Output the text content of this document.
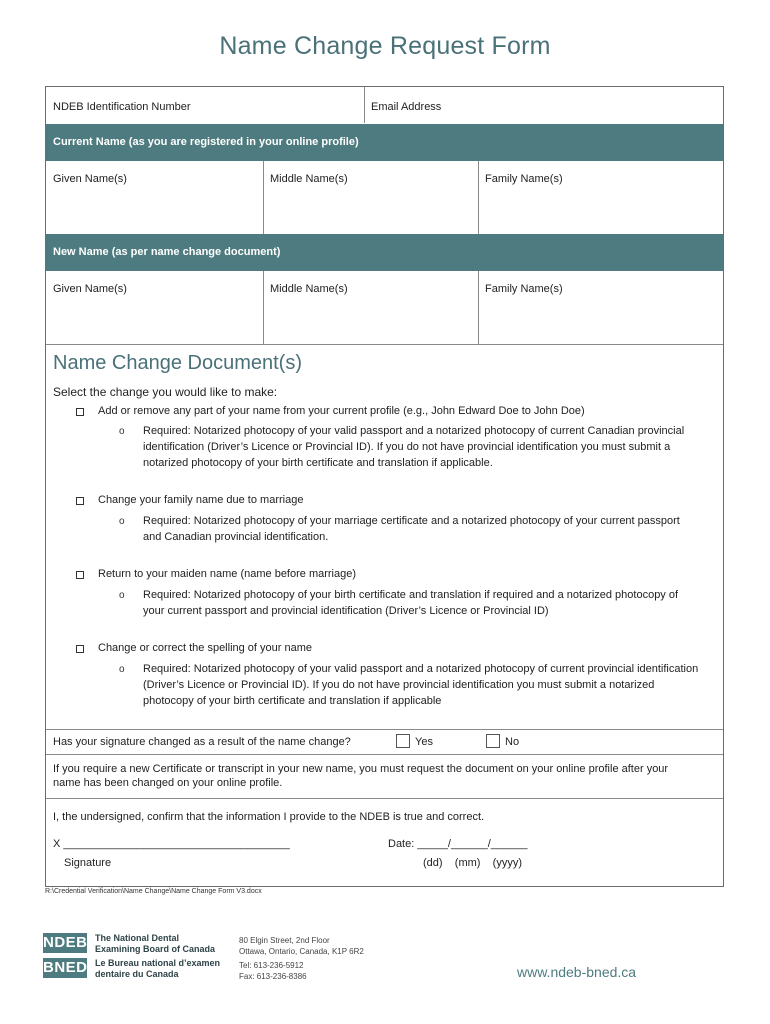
Name Change Request Form
NDEB Identification Number	Email Address
Current Name (as you are registered in your online profile)
Given Name(s)	Middle Name(s)	Family Name(s)
New Name (as per name change document)
Given Name(s)	Middle Name(s)	Family Name(s)
Name Change Document(s)
Select the change you would like to make:
Add or remove any part of your name from your current profile (e.g., John Edward Doe to John Doe)
o Required: Notarized photocopy of your valid passport and a notarized photocopy of current Canadian provincial
identification (Driver’s Licence or Provincial ID). If you do not have provincial identification you must submit a
notarized photocopy of your birth certificate and translation if applicable.
Change your family name due to marriage
o Required: Notarized photocopy of your marriage certificate and a notarized photocopy of your current passport
and Canadian provincial identification.
Return to your maiden name (name before marriage)
o Required: Notarized photocopy of your birth certificate and translation if required and a notarized photocopy of
your current passport and provincial identification (Driver’s Licence or Provincial ID)
Change or correct the spelling of your name
o Required: Notarized photocopy of your valid passport and a notarized photocopy of current provincial identification
(Driver’s Licence or Provincial ID). If you do not have provincial identification you must submit a notarized
photocopy of your birth certificate and translation if applicable
Has your signature changed as a result of the name change?	Yes	No
If you require a new Certificate or transcript in your new name, you must request the document on your online profile after your
name has been changed on your online profile.
I, the undersigned, confirm that the information I provide to the NDEB is true and correct.
X _____________________________________
Signature
Date: _____/______/______
(dd)    (mm)    (yyyy)
R:\Credential Verification\Name Change\Name Change Form V3.docx
NDEB
BNED
The National Dental
Examining Board of Canada
Le Bureau national d’examen
dentaire du Canada
80 Elgin Street, 2nd Floor
Ottawa, Ontario, Canada, K1P 6R2
Tel: 613-236-5912
Fax: 613-236-8386	www.ndeb-bned.ca
